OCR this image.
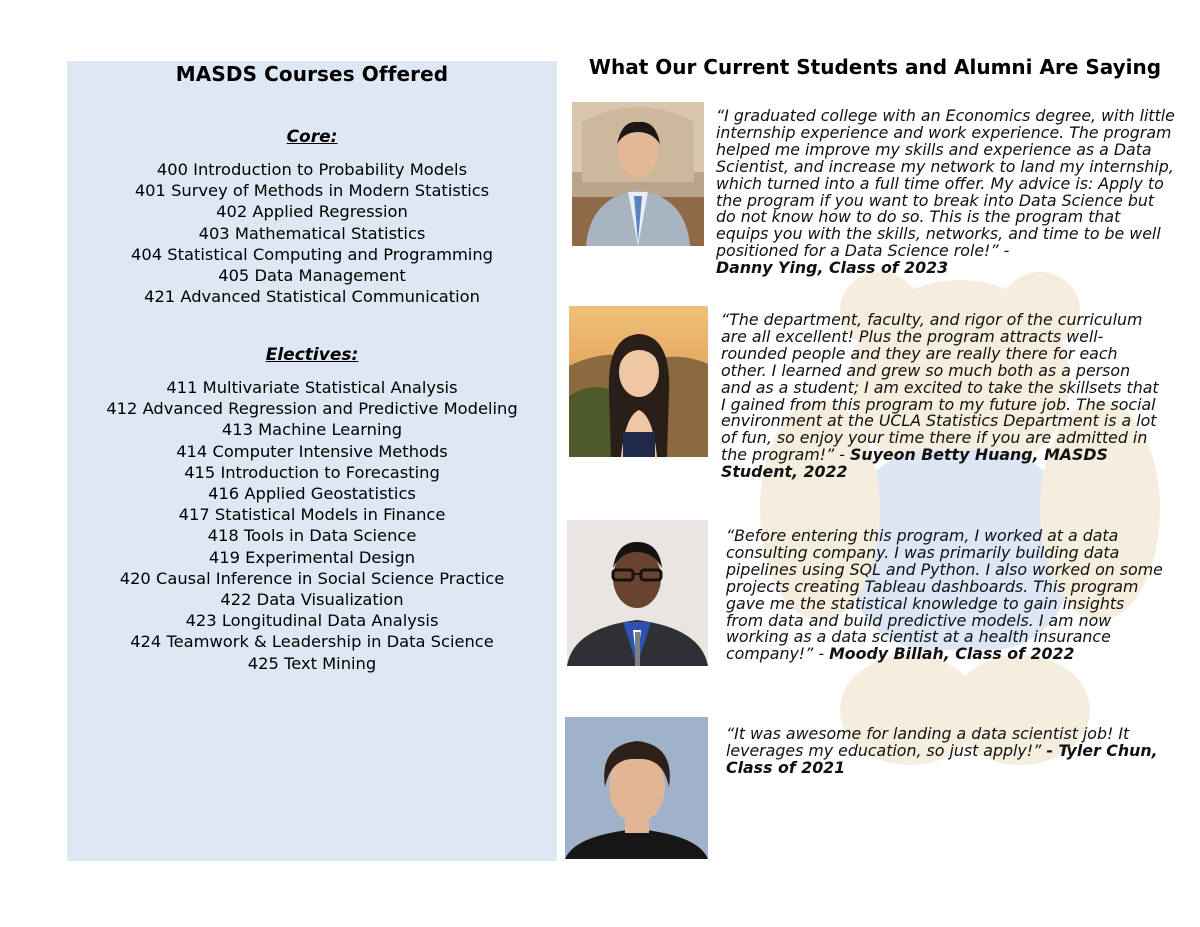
MASDS Courses Offered
Core:
400 Introduction to Probability Models
401 Survey of Methods in Modern Statistics
402 Applied Regression
403 Mathematical Statistics
404 Statistical Computing and Programming
405 Data Management
421 Advanced Statistical Communication
Electives:
411 Multivariate Statistical Analysis
412 Advanced Regression and Predictive Modeling
413 Machine Learning
414 Computer Intensive Methods
415 Introduction to Forecasting
416 Applied Geostatistics
417 Statistical Models in Finance
418 Tools in Data Science
419 Experimental Design
420 Causal Inference in Social Science Practice
422 Data Visualization
423 Longitudinal Data Analysis
424 Teamwork & Leadership in Data Science
425 Text Mining
What Our Current Students and Alumni Are Saying
“I graduated college with an Economics degree, with little internship experience and work experience. The program helped me improve my skills and experience as a Data Scientist, and increase my network to land my internship, which turned into a full time offer. My advice is: Apply to the program if you want to break into Data Science but do not know how to do so. This is the program that equips you with the skills, networks, and time to be well positioned for a Data Science role!” -
Danny Ying, Class of 2023
“The department, faculty, and rigor of the curriculum are all excellent! Plus the program attracts well-rounded people and they are really there for each other. I learned and grew so much both as a person and as a student; I am excited to take the skillsets that I gained from this program to my future job. The social environment at the UCLA Statistics Department is a lot of fun, so enjoy your time there if you are admitted in the program!” - Suyeon Betty Huang, MASDS Student, 2022
“Before entering this program, I worked at a data consulting company. I was primarily building data pipelines using SQL and Python. I also worked on some projects creating Tableau dashboards. This program gave me the statistical knowledge to gain insights from data and build predictive models. I am now working as a data scientist at a health insurance company!” - Moody Billah, Class of 2022
“It was awesome for landing a data scientist job! It leverages my education, so just apply!” - Tyler Chun, Class of 2021
